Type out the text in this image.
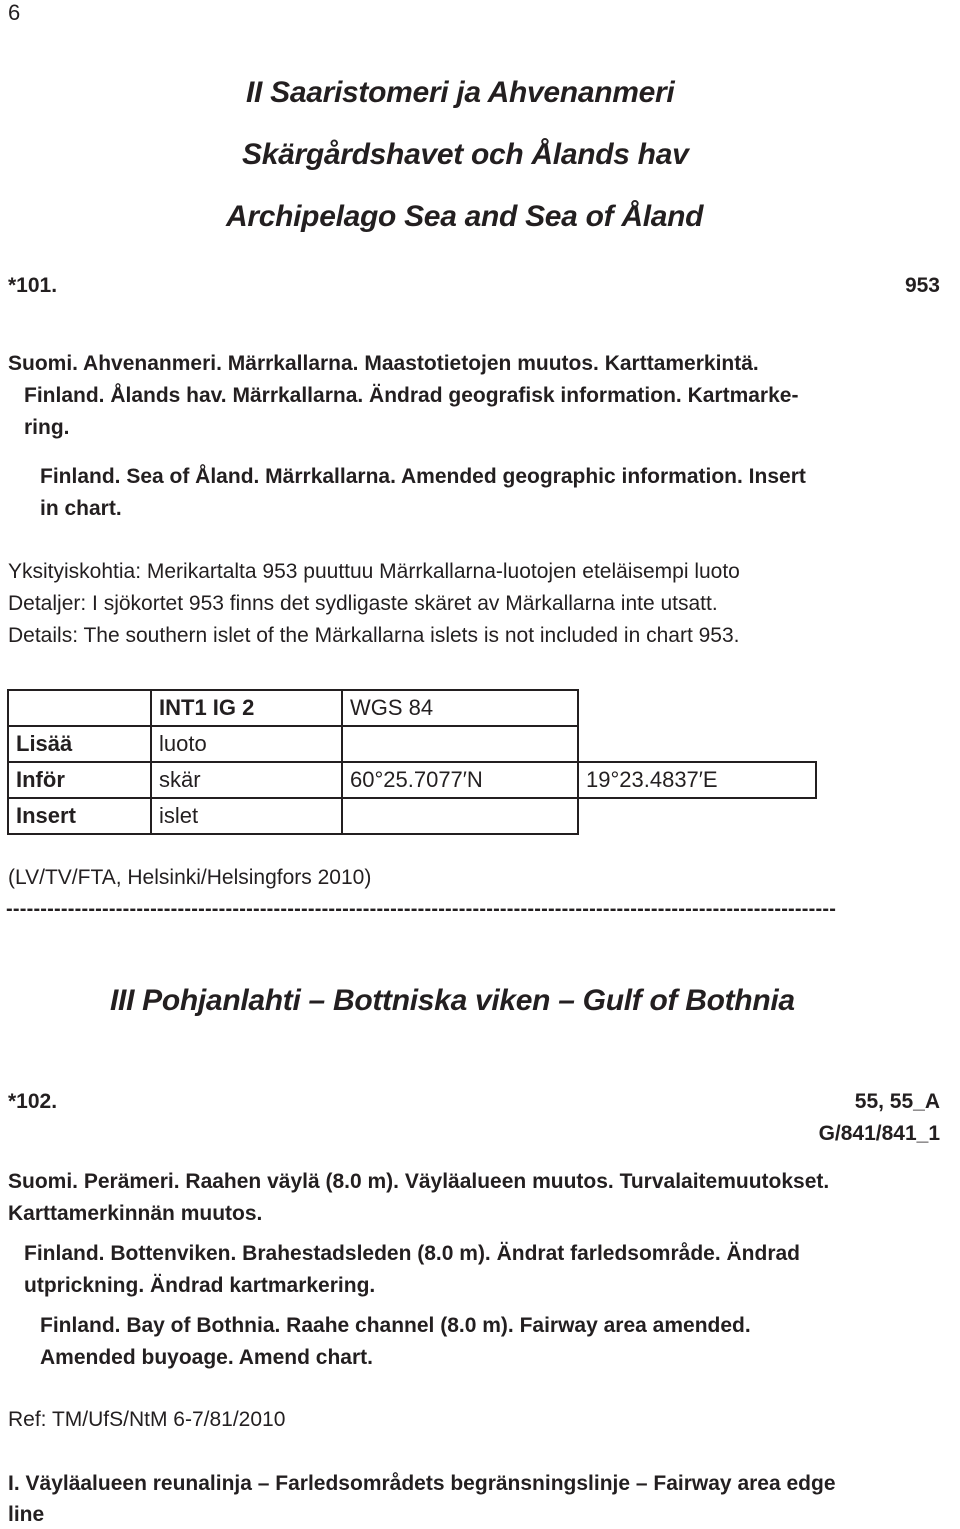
6
II Saaristomeri ja Ahvenanmeri
Skärgårdshavet och Ålands hav
Archipelago Sea and Sea of Åland
*101.	953
Suomi. Ahvenanmeri. Märrkallarna. Maastotietojen muutos. Karttamerkintä.
Finland. Ålands hav. Märrkallarna. Ändrad geografisk information. Kartmarke-
ring.
Finland. Sea of Åland. Märrkallarna. Amended geographic information. Insert
in chart.
Yksityiskohtia: Merikartalta 953 puuttuu Märrkallarna-luotojen eteläisempi luoto
Detaljer: I sjökortet 953 finns det sydligaste skäret av Märkallarna inte utsatt.
Details: The southern islet of the Märkallarna islets is not included in chart 953.
	INT1 IG 2	WGS 84	
Lisää	luoto		
Inför	skär	60°25.7077′N	19°23.4837′E
Insert	islet		
(LV/TV/FTA, Helsinki/Helsingfors 2010)
-------------------------------------------------------------------------------------------------------------------------
III Pohjanlahti – Bottniska viken – Gulf of Bothnia
*102.	55, 55_A
G/841/841_1
Suomi. Perämeri. Raahen väylä (8.0 m). Väyläalueen muutos. Turvalaitemuutokset.
Karttamerkinnän muutos.
Finland. Bottenviken. Brahestadsleden (8.0 m). Ändrat farledsområde. Ändrad
utprickning. Ändrad kartmarkering.
Finland. Bay of Bothnia. Raahe channel (8.0 m). Fairway area amended.
Amended buyoage. Amend chart.
Ref: TM/UfS/NtM 6-7/81/2010
I. Väyläalueen reunalinja – Farledsområdets begränsningslinje – Fairway area edge
line
